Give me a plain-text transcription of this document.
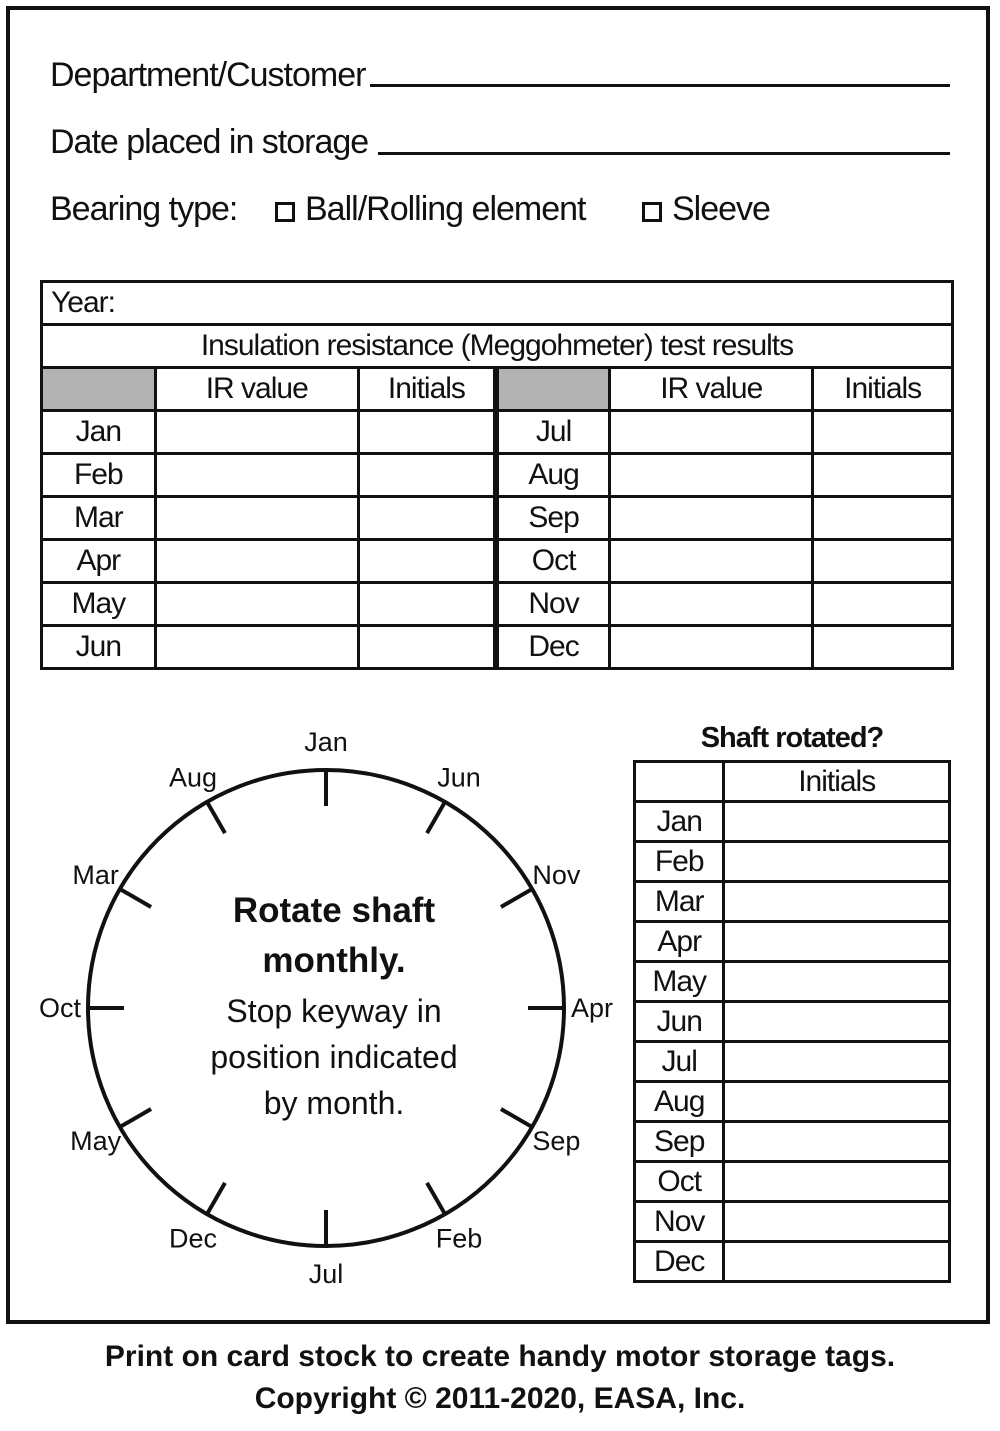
Department/Customer
Date placed in storage
Bearing type:	Ball/Rolling element	Sleeve
Year:					
Insulation resistance (Meggohmeter) test results					
	IR value	Initials		IR value	Initials
Jan			Jul		
Feb			Aug		
Mar			Sep		
Apr			Oct		
May			Nov		
Jun			Dec		
Jan
Jun
Nov
Apr
Sep
Feb
Jul
Dec
May
Oct
Mar
Aug
Rotate shaft
monthly.
Stop keyway in
position indicated
by month.
Shaft rotated?
	Initials
Jan	
Feb	
Mar	
Apr	
May	
Jun	
Jul	
Aug	
Sep	
Oct	
Nov	
Dec	
Print on card stock to create handy motor storage tags.
Copyright © 2011-2020, EASA, Inc.
